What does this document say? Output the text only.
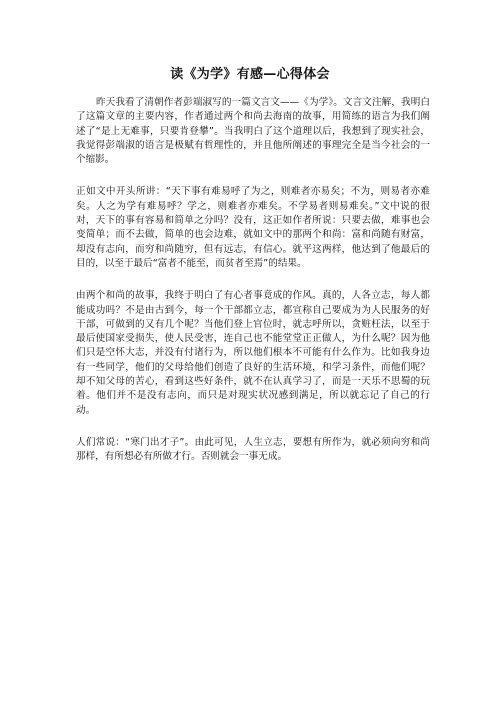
读《为学》有感—心得体会

昨天我看了清朝作者彭端淑写的一篇文言文——《为学》。文言文注解，我明白了这篇文章的主要内容，作者通过两个和尚去海南的故事，用简练的语言为我们阐述了“是上无难事，只要肯登攀”。当我明白了这个道理以后，我想到了现实社会，我觉得彭端淑的语言是极赋有哲理性的，并且他所阐述的事理完全是当今社会的一个缩影。

正如文中开头所讲：“天下事有难易呼了为之，则难者亦易矣；不为，则易者亦难矣。人之为学有难易呼？学之，则难者亦难矣。不学易者则易难矣。”文中说的很对，天下的事有容易和简单之分吗？没有，这正如作者所说：只要去做，难事也会变简单；而不去做，简单的也会边难，就如文中的那两个和尚：富和尚随有财富，却没有志向，而穷和尚随穷，但有远志，有信心。就平这两样，他达到了他最后的目的，以至于最后“富者不能至，而贫者至焉”的结果。

由两个和尚的故事，我终于明白了有心者事竟成的作风。真的，人各立志，每人都能成功吗？不是由古到今，每一个干部都立志，都宣称自己要成为为人民服务的好干部，可做到的又有几个呢？当他们登上官位时，就志呼所以，贪赃枉法，以至于最后使国家受损失，使人民受害，连自己也不能堂堂正正做人，为什么呢？因为他们只是空怀大志，并没有付诸行为，所以他们根本不可能有什么作为。比如我身边有一些同学，他们的父母给他们创造了良好的生活环境，和学习条件，而他们呢？却不知父母的苦心，看到这些好条件，就不在认真学习了，而是一天乐不思蜀的玩着。他们并不是没有志向，而只是对现实状况感到满足，所以就忘记了自己的行动。

人们常说：“寒门出才子”。由此可见，人生立志，要想有所作为，就必须向穷和尚那样，有所想必有所做才行。否则就会一事无成。
